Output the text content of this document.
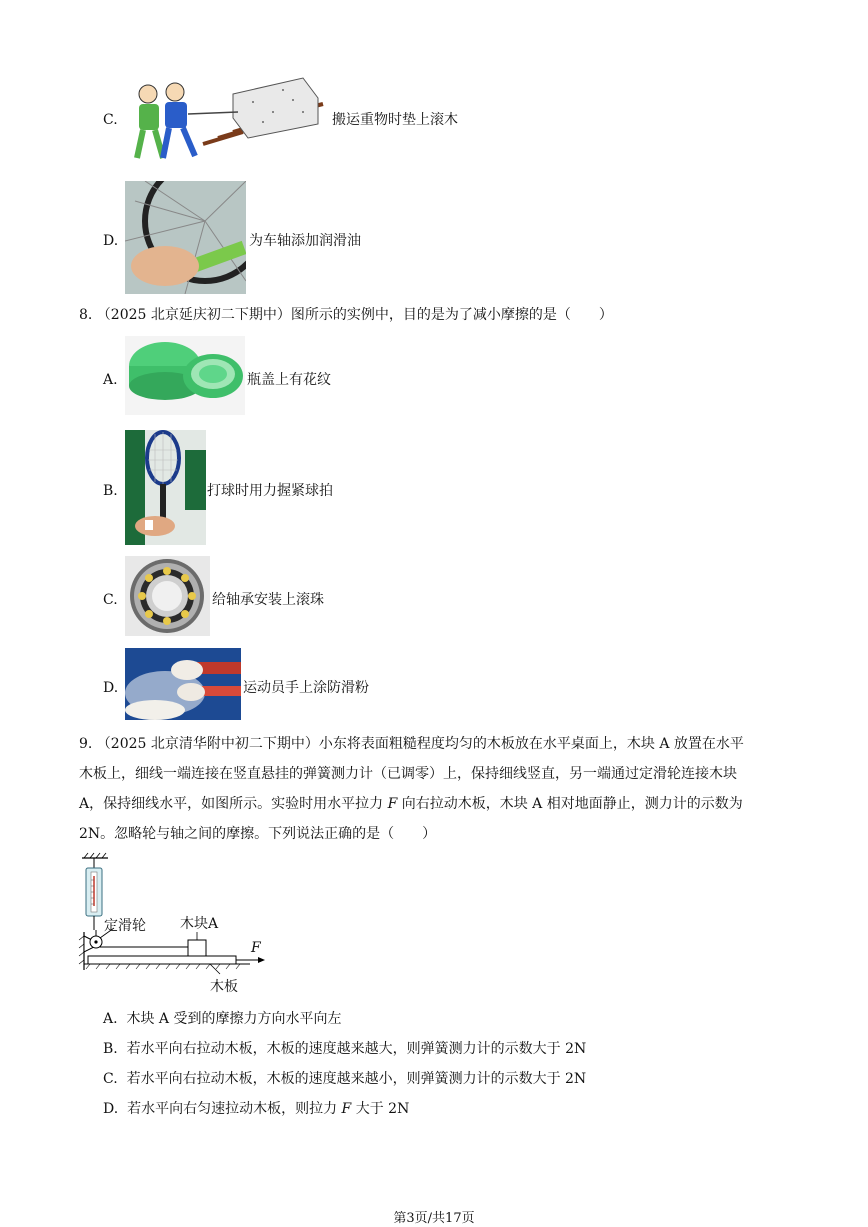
C.	搬运重物时垫上滚木
D.	为车轴添加润滑油
8. （2025 北京延庆初二下期中）图所示的实例中，目的是为了减小摩擦的是（　　）
A.	瓶盖上有花纹
B.	打球时用力握紧球拍
C.	给轴承安装上滚珠
D.	运动员手上涂防滑粉
9. （2025 北京清华附中初二下期中）小东将表面粗糙程度均匀的木板放在水平桌面上，木块 A 放置在水平
木板上，细线一端连接在竖直悬挂的弹簧测力计（已调零）上，保持细线竖直，另一端通过定滑轮连接木块
A，保持细线水平，如图所示。实验时用水平拉力 F 向右拉动木板，木块 A 相对地面静止，测力计的示数为
2N。忽略轮与轴之间的摩擦。下列说法正确的是（　　）
定滑轮 木块A
F
木板
A. 木块 A 受到的摩擦力方向水平向左
B. 若水平向右拉动木板，木板的速度越来越大，则弹簧测力计的示数大于 2N
C. 若水平向右拉动木板，木板的速度越来越小，则弹簧测力计的示数大于 2N
D. 若水平向右匀速拉动木板，则拉力 F 大于 2N
第3页/共17页
